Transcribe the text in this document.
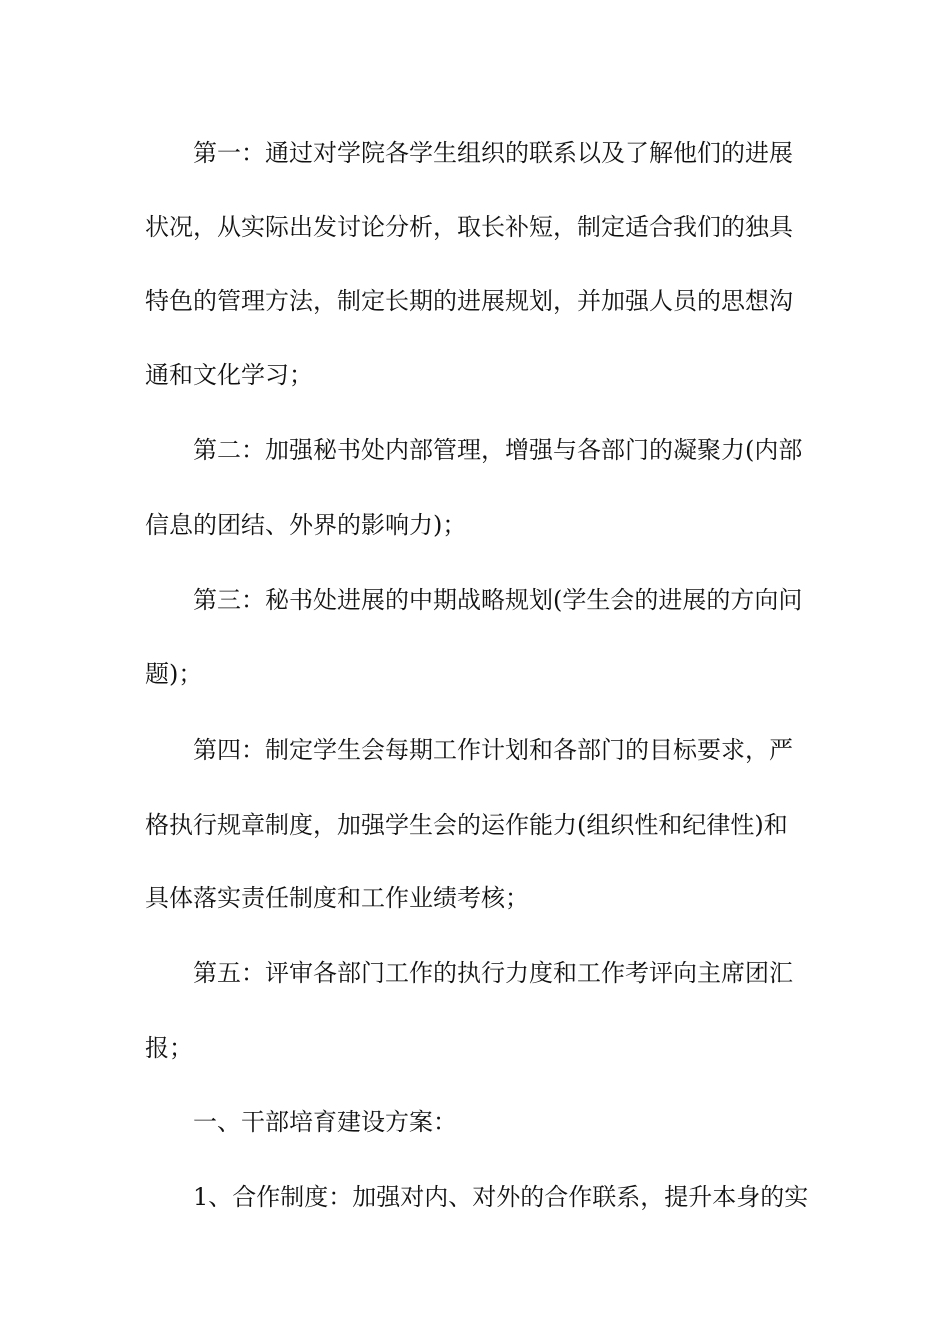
第一：通过对学院各学生组织的联系以及了解他们的进展
状况，从实际出发讨论分析，取长补短，制定适合我们的独具
特色的管理方法，制定长期的进展规划，并加强人员的思想沟
通和文化学习；
第二：加强秘书处内部管理，增强与各部门的凝聚力(内部
信息的团结、外界的影响力)；
第三：秘书处进展的中期战略规划(学生会的进展的方向问
题)；
第四：制定学生会每期工作计划和各部门的目标要求，严
格执行规章制度，加强学生会的运作能力(组织性和纪律性)和
具体落实责任制度和工作业绩考核；
第五：评审各部门工作的执行力度和工作考评向主席团汇
报；
一、干部培育建设方案：
1、合作制度：加强对内、对外的合作联系，提升本身的实
